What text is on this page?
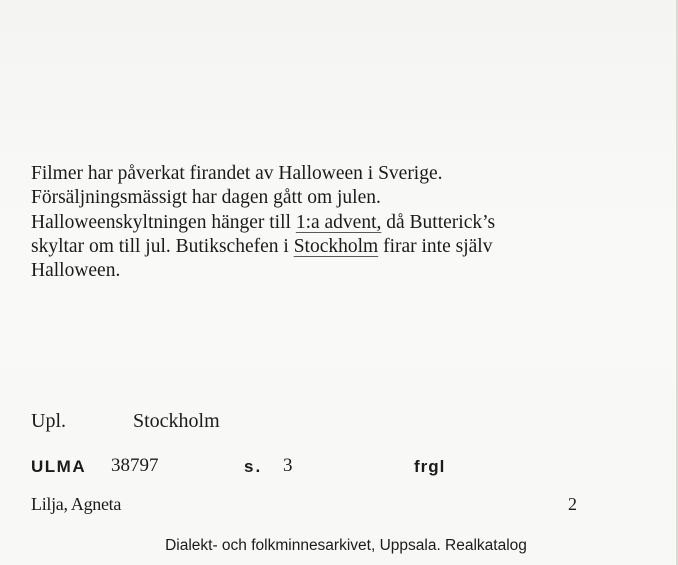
Filmer har påverkat firandet av Halloween i Sverige.
Försäljningsmässigt har dagen gått om julen.
Halloweenskyltningen hänger till 1:a advent, då Butterick’s
skyltar om till jul. Butikschefen i Stockholm firar inte själv
Halloween.
Upl.	Stockholm
ULMA 38797	s. 3	frgl
Lilja, Agneta	2
Dialekt- och folkminnesarkivet, Uppsala. Realkatalog
